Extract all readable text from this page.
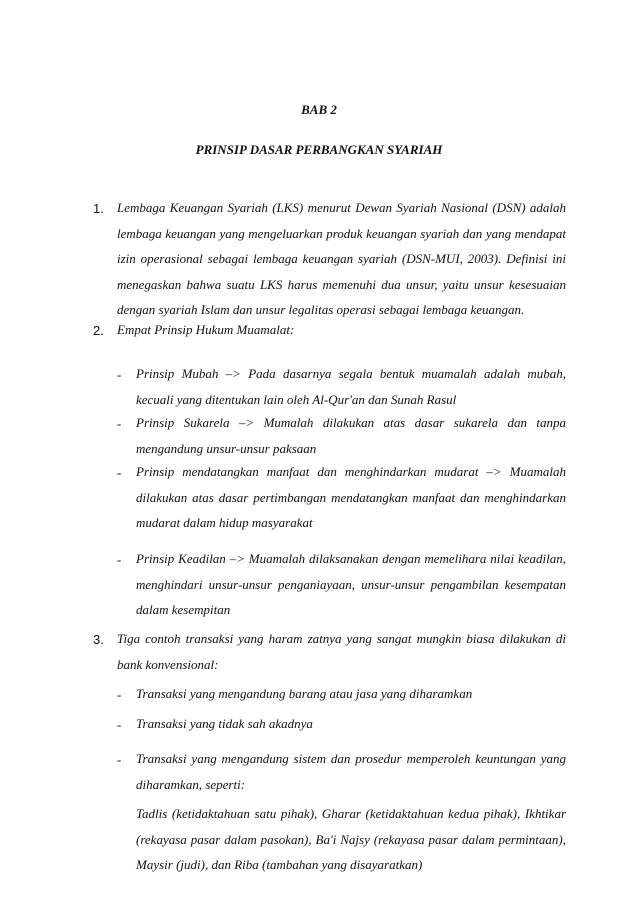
BAB 2
PRINSIP DASAR PERBANGKAN SYARIAH
1. Lembaga Keuangan Syariah (LKS) menurut Dewan Syariah Nasional (DSN) adalah lembaga keuangan yang mengeluarkan produk keuangan syariah dan yang mendapat izin operasional sebagai lembaga keuangan syariah (DSN-MUI, 2003). Definisi ini menegaskan bahwa suatu LKS harus memenuhi dua unsur, yaitu unsur kesesuaian dengan syariah Islam dan unsur legalitas operasi sebagai lembaga keuangan.

2. Empat Prinsip Hukum Muamalat:

- Prinsip Mubah –> Pada dasarnya segala bentuk muamalah adalah mubah, kecuali yang ditentukan lain oleh Al-Qur'an dan Sunah Rasul
- Prinsip Sukarela –> Mumalah dilakukan atas dasar sukarela dan tanpa mengandung unsur-unsur paksaan
- Prinsip mendatangkan manfaat dan menghindarkan mudarat –> Muamalah dilakukan atas dasar pertimbangan mendatangkan manfaat dan menghindarkan mudarat dalam hidup masyarakat
- Prinsip Keadilan –> Muamalah dilaksanakan dengan memelihara nilai keadilan, menghindari unsur-unsur penganiayaan, unsur-unsur pengambilan kesempatan dalam kesempitan
3. Tiga contoh transaksi yang haram zatnya yang sangat mungkin biasa dilakukan di bank konvensional:
- Transaksi yang mengandung barang atau jasa yang diharamkan
- Transaksi yang tidak sah akadnya
- Transaksi yang mengandung sistem dan prosedur memperoleh keuntungan yang diharamkan, seperti:
Tadlis (ketidaktahuan satu pihak), Gharar (ketidaktahuan kedua pihak), Ikhtikar (rekayasa pasar dalam pasokan), Ba'i Najsy (rekayasa pasar dalam permintaan), Maysir (judi), dan Riba (tambahan yang disayaratkan)
